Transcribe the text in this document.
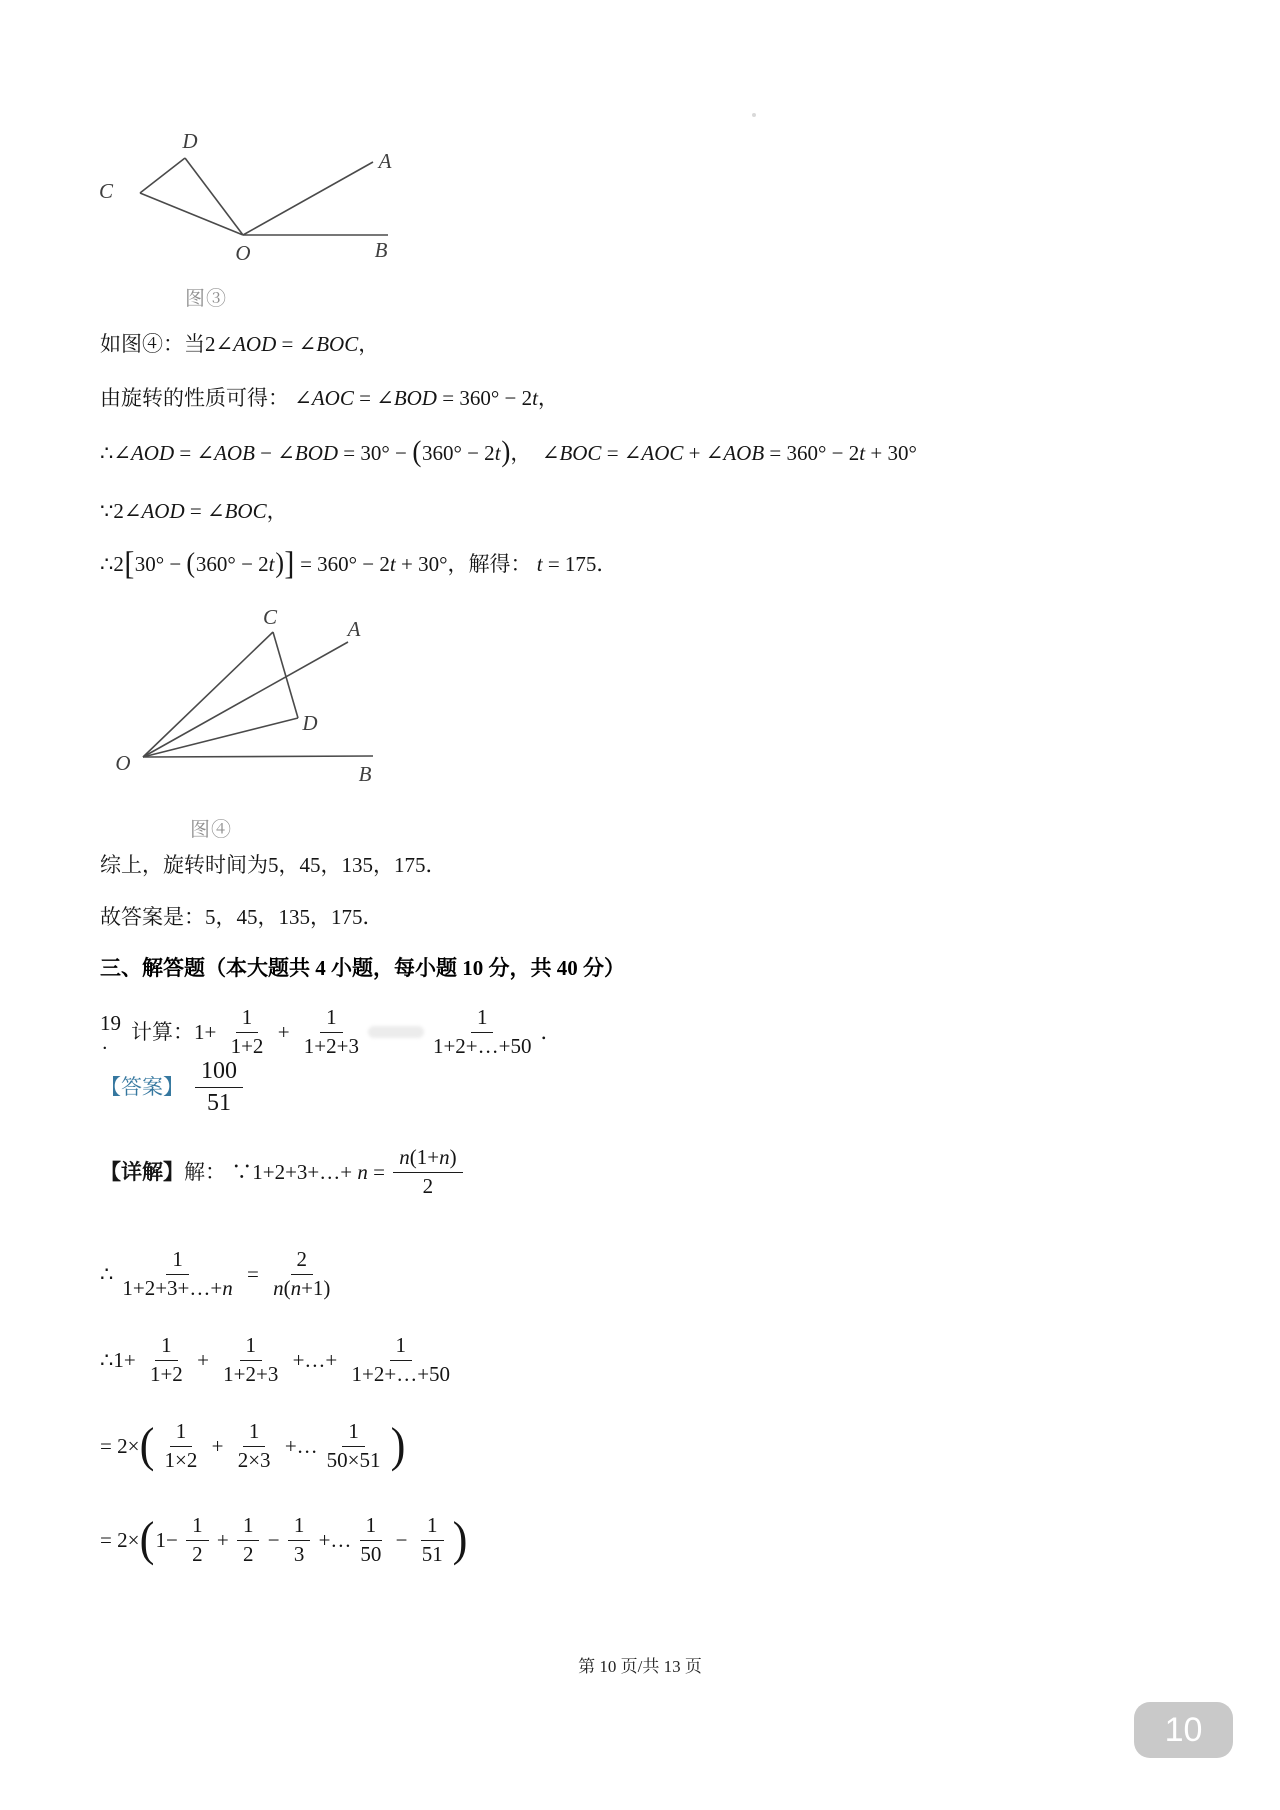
C
D
O
A
B
图③
如图④：当2∠AOD = ∠BOC，
由旋转的性质可得： ∠AOC = ∠BOD = 360° − 2t，
∴∠AOD = ∠AOB − ∠BOD = 30° − ( 360° − 2t ) ，  ∠BOC = ∠AOC + ∠AOB = 360° − 2t + 30°
∵2∠AOD = ∠BOC，
∴2 [ 30° − ( 360° − 2t ) ] = 360° − 2t + 30°，解得： t = 175．
O
C	A
D
B
图④
综上，旋转时间为5，45，135，175．
故答案是：5，45，135，175．
三、解答题（本大题共 4 小题，每小题 10 分，共 40 分）
19
． 计算： $1+ \frac{1}{1+2} + \frac{1}{1+2+3}$	$\frac{1}{1+2+\dots+50}$ ．
【答案】 $\frac{100}{51}$
【详解】 解： ∵1+2+3+…+ $n = \frac{n(1+n)}{2}$
∴ $\frac{1}{1+2+3+\dots+n} = \frac{2}{n(n+1)}$
∴1+ $\frac{1}{1+2} + \frac{1}{1+2+3}$ +…+ $\frac{1}{1+2+\dots+50}$
= 2× ( $\frac{1}{1\times 2} + \frac{1}{2\times 3}$ +… $\frac{1}{50\times 51}$ )
= 2× ( $1- \frac{1}{2} + \frac{1}{2} - \frac{1}{3}$ +… $\frac{1}{50} - \frac{1}{51}$ )
第 10 页/共 13 页
10
